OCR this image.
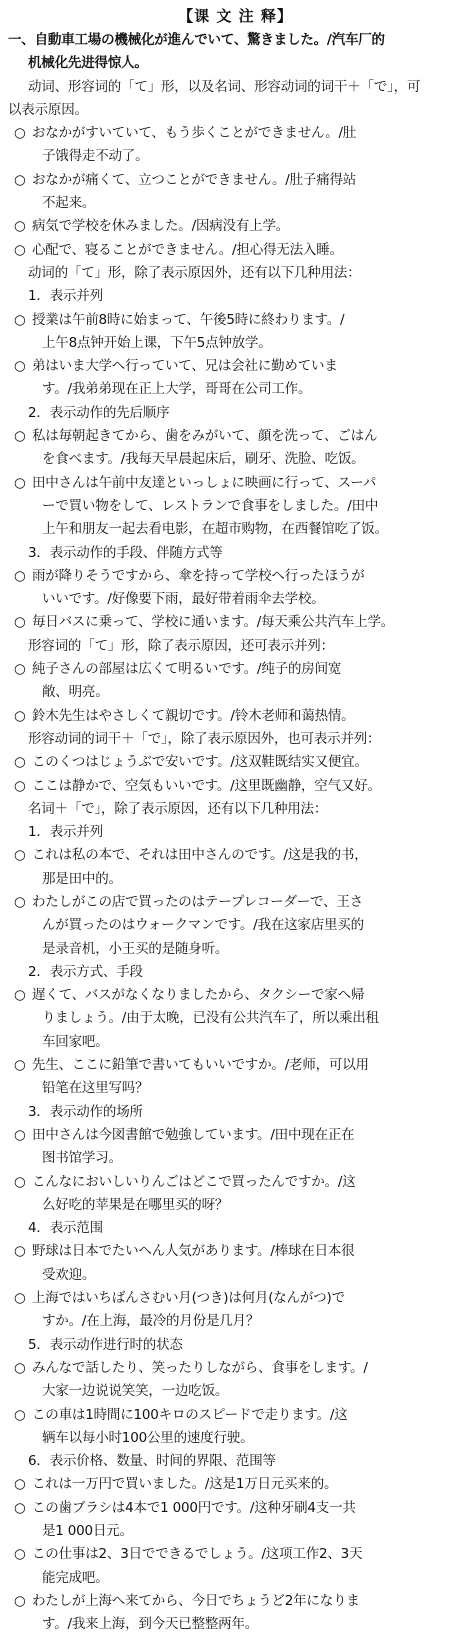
【课 文 注 释】
一、自動車工場の機械化が進んでいて、驚きました。/汽车厂的
机械化先进得惊人。
动词、形容词的「て」形，以及名词、形容动词的词干＋「で」，可
以表示原因。
○ おなかがすいていて、もう歩くことができません。/肚
子饿得走不动了。
○ おなかが痛くて、立つことができません。/肚子痛得站
不起来。
○ 病気で学校を休みました。/因病没有上学。
○ 心配で、寝ることができません。/担心得无法入睡。
动词的「て」形，除了表示原因外，还有以下几种用法：
1．表示并列
○ 授業は午前8時に始まって、午後5時に終わります。/
上午8点钟开始上课，下午5点钟放学。
○ 弟はいま大学へ行っていて、兄は会社に勤めていま
す。/我弟弟现在正上大学，哥哥在公司工作。
2．表示动作的先后顺序
○ 私は毎朝起きてから、歯をみがいて、顔を洗って、ごはん
を食べます。/我每天早晨起床后，刷牙、洗脸、吃饭。
○ 田中さんは午前中友達といっしょに映画に行って、スーパ
ーで買い物をして、レストランで食事をしました。/田中
上午和朋友一起去看电影，在超市购物，在西餐馆吃了饭。
3．表示动作的手段、伴随方式等
○ 雨が降りそうですから、傘を持って学校へ行ったほうが
いいです。/好像要下雨，最好带着雨伞去学校。
○ 毎日バスに乗って、学校に通います。/每天乘公共汽车上学。
形容词的「て」形，除了表示原因，还可表示并列：
○ 純子さんの部屋は広くて明るいです。/纯子的房间宽
敞、明亮。
○ 鈴木先生はやさしくて親切です。/铃木老师和蔼热情。
形容动词的词干＋「で」，除了表示原因外，也可表示并列：
○ このくつはじょうぶで安いです。/这双鞋既结实又便宜。
○ ここは静かで、空気もいいです。/这里既幽静，空气又好。
名词＋「で」，除了表示原因，还有以下几种用法：
1．表示并列
○ これは私の本で、それは田中さんのです。/这是我的书，
那是田中的。
○ わたしがこの店で買ったのはテープレコーダーで、王さ
んが買ったのはウォークマンです。/我在这家店里买的
是录音机，小王买的是随身听。
2．表示方式、手段
○ 遅くて、バスがなくなりましたから、タクシーで家へ帰
りましょう。/由于太晚，已没有公共汽车了，所以乘出租
车回家吧。
○ 先生、ここに鉛筆で書いてもいいですか。/老师，可以用
铅笔在这里写吗？
3．表示动作的场所
○ 田中さんは今図書館で勉強しています。/田中现在正在
图书馆学习。
○ こんなにおいしいりんごはどこで買ったんですか。/这
么好吃的苹果是在哪里买的呀？
4．表示范围
○ 野球は日本でたいへん人気があります。/棒球在日本很
受欢迎。
○ 上海ではいちばんさむい月(つき)は何月(なんがつ)で
すか。/在上海，最冷的月份是几月？
5．表示动作进行时的状态
○ みんなで話したり、笑ったりしながら、食事をします。/
大家一边说说笑笑，一边吃饭。
○ この車は1時間に100キロのスピードで走ります。/这
辆车以每小时100公里的速度行驶。
6．表示价格、数量、时间的界限、范围等
○ これは一万円で買いました。/这是1万日元买来的。
○ この歯ブラシは4本で1 000円です。/这种牙刷4支一共
是1 000日元。
○ この仕事は2、3日でできるでしょう。/这项工作2、3天
能完成吧。
○ わたしが上海へ来てから、今日でちょうど2年になりま
す。/我来上海，到今天已整整两年。
